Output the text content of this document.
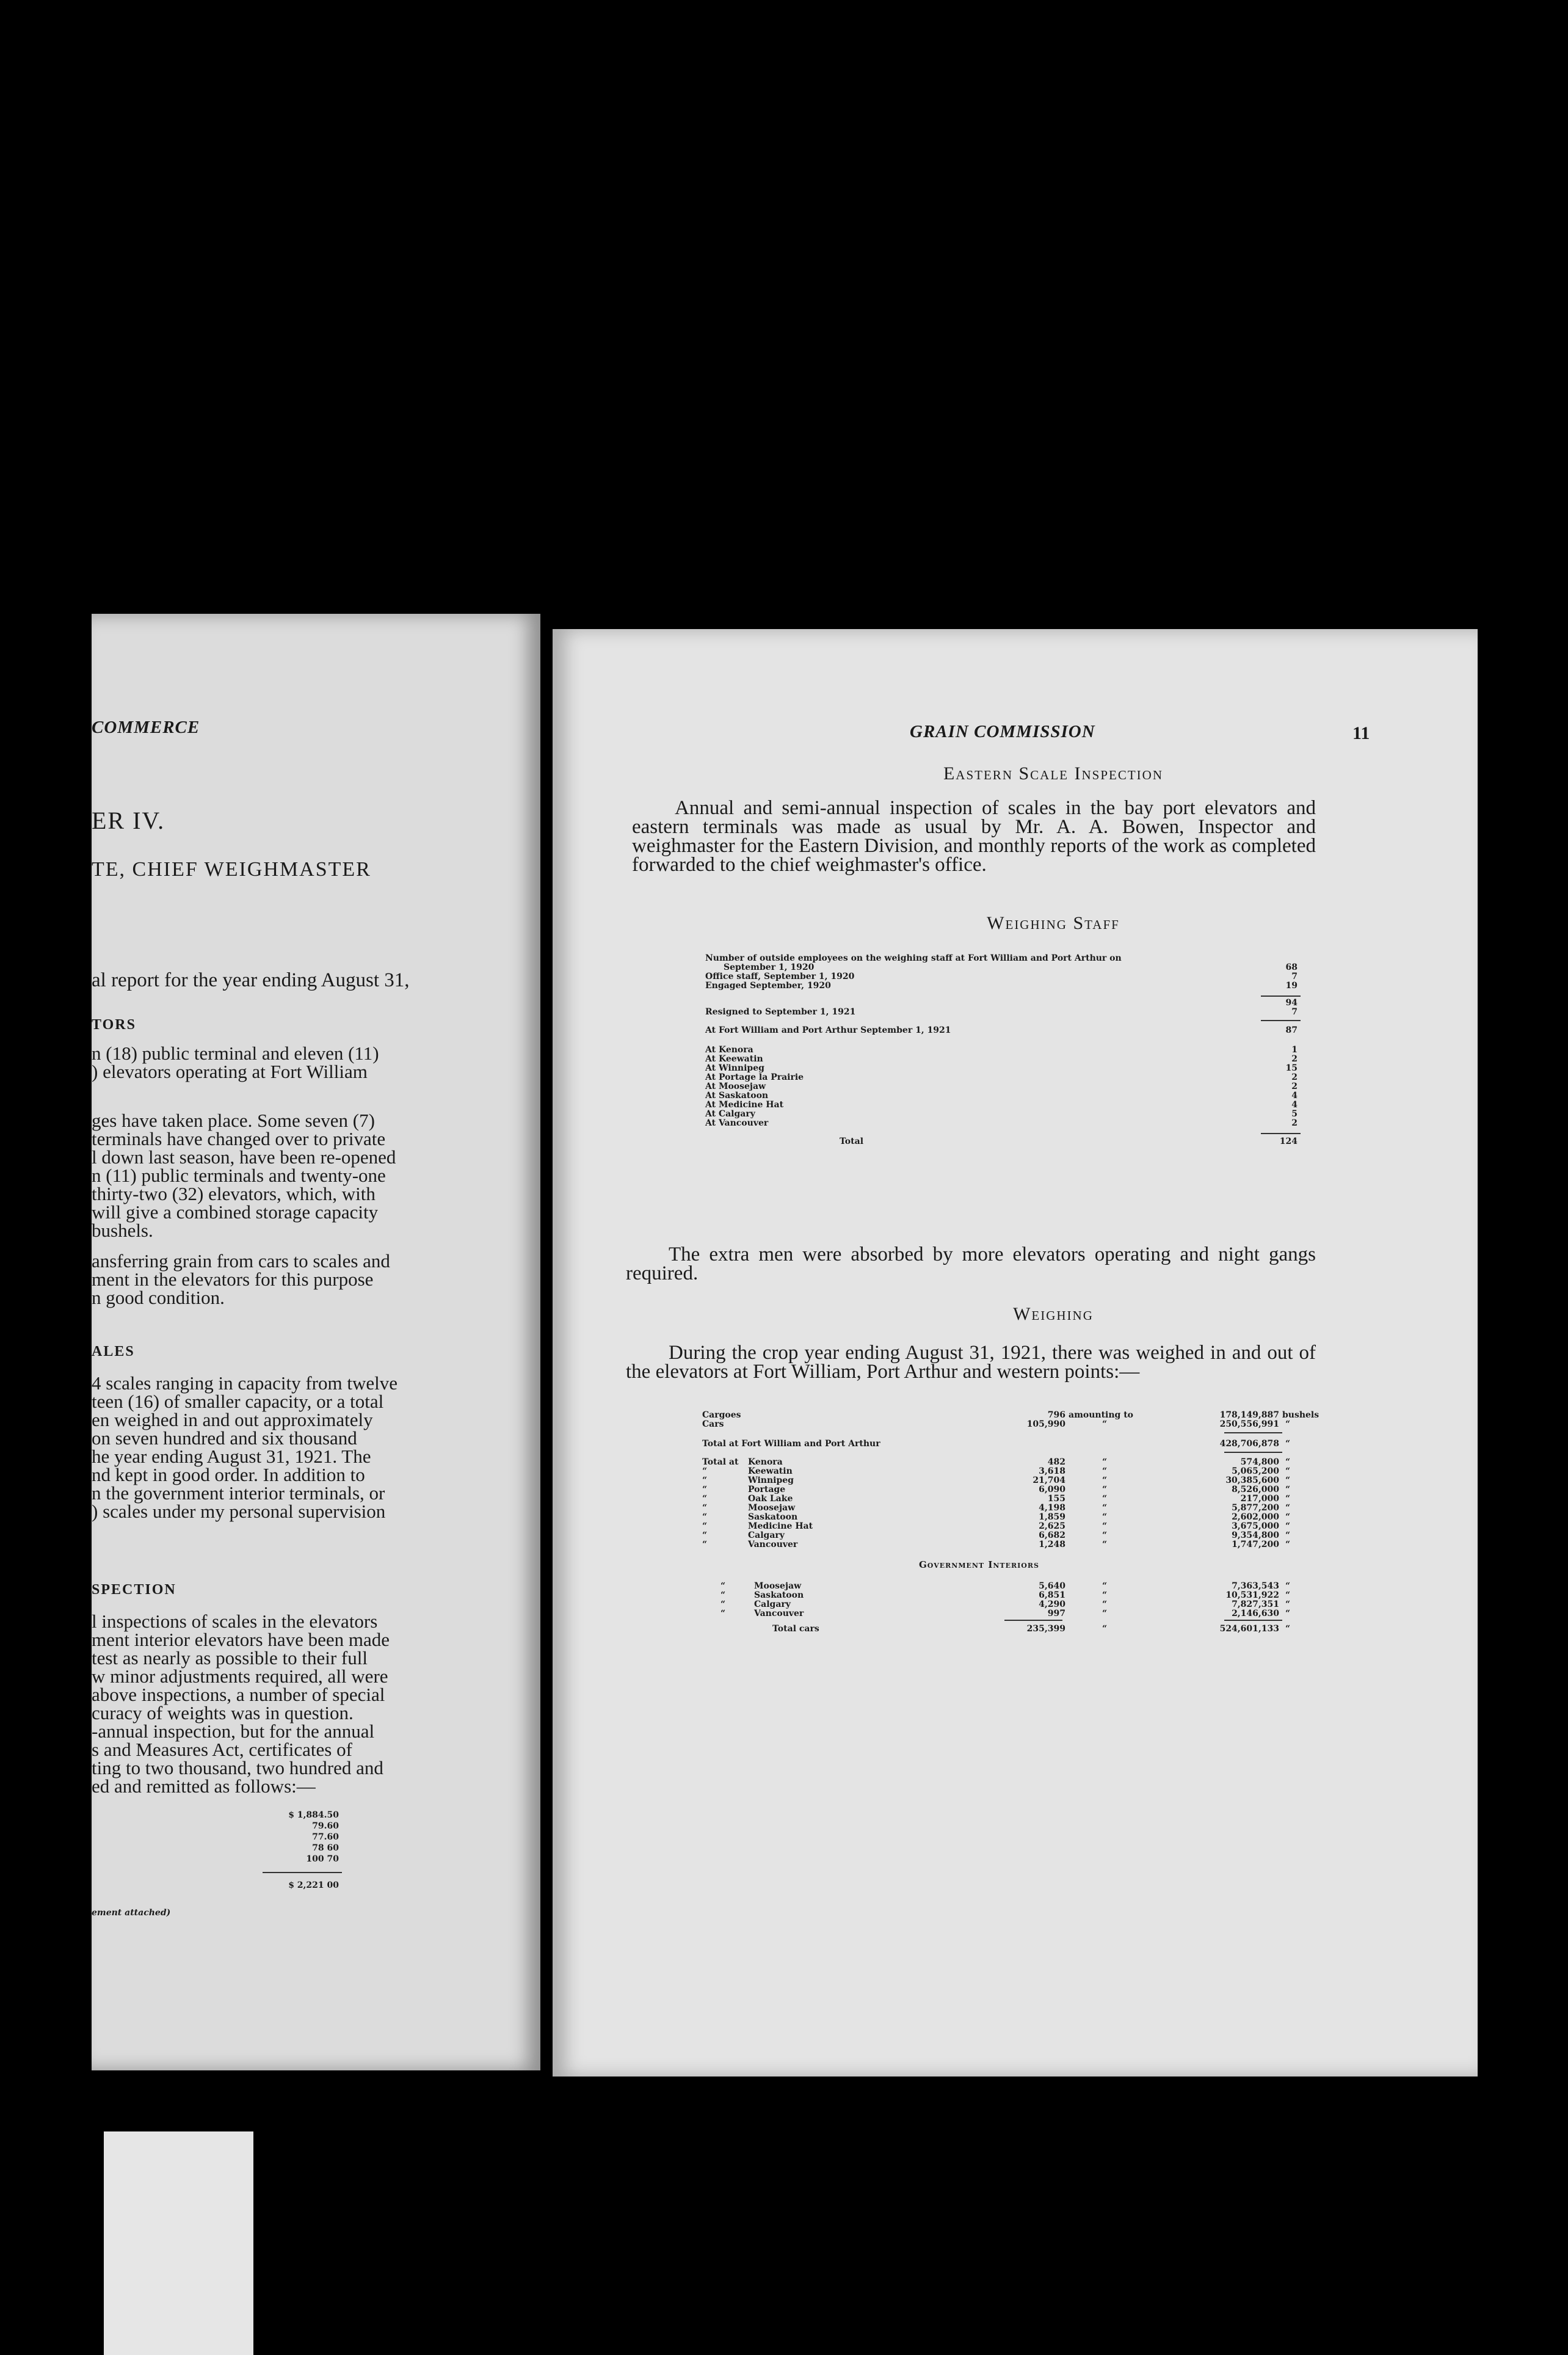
COMMERCE
ER IV.
TE, CHIEF WEIGHMASTER
al report for the year ending August 31,
TORS
n (18) public terminal and eleven (11)
) elevators operating at Fort William
ges have taken place. Some seven (7)
terminals have changed over to private
l down last season, have been re-opened
n (11) public terminals and twenty-one
thirty-two (32) elevators, which, with
will give a combined storage capacity
bushels.
ansferring grain from cars to scales and
ment in the elevators for this purpose
n good condition.
ALES
4 scales ranging in capacity from twelve
teen (16) of smaller capacity, or a total
en weighed in and out approximately
on seven hundred and six thousand
he year ending August 31, 1921. The
nd kept in good order. In addition to
n the government interior terminals, or
) scales under my personal supervision
SPECTION
l inspections of scales in the elevators
ment interior elevators have been made
test as nearly as possible to their full
w minor adjustments required, all were
above inspections, a number of special
curacy of weights was in question.
-annual inspection, but for the annual
s and Measures Act, certificates of
ting to two thousand, two hundred and
ed and remitted as follows:—
$ 1,884.50
79.60
77.60
78 60
100 70
$ 2,221 00
ement attached)
GRAIN COMMISSION	11
Eastern Scale Inspection
Annual and semi-annual inspection of scales in the bay port elevators and eastern terminals was made as usual by Mr. A. A. Bowen, Inspector and weighmaster for the Eastern Division, and monthly reports of the work as completed forwarded to the chief weighmaster's office.
Weighing Staff
Number of outside employees on the weighing staff at Fort William and Port Arthur on
September 1, 1920	68
Office staff, September 1, 1920	7
Engaged September, 1920	19
94
Resigned to September 1, 1921	7
At Fort William and Port Arthur September 1, 1921	87
At Kenora	1
At Keewatin	2
At Winnipeg	15
At Portage la Prairie	2
At Moosejaw	2
At Saskatoon	4
At Medicine Hat	4
At Calgary	5
At Vancouver	2
Total	124
The extra men were absorbed by more elevators operating and night gangs required.
Weighing
During the crop year ending August 31, 1921, there was weighed in and out of the elevators at Fort William, Port Arthur and western points:—
Cargoes	796 amounting to	178,149,887 bushels
Cars	105,990	“	250,556,991 “
Total at Fort William and Port Arthur	428,706,878 “
Total at Kenora	482	“	574,800 “
“	Keewatin	3,618	“	5,065,200 “
“	Winnipeg	21,704	“	30,385,600 “
“	Portage	6,090	“	8,526,000 “
“	Oak Lake	155	“	217,000 “
“	Moosejaw	4,198	“	5,877,200 “
“	Saskatoon	1,859	“	2,602,000 “
“	Medicine Hat	2,625	“	3,675,000 “
“	Calgary	6,682	“	9,354,800 “
“	Vancouver	1,248	“	1,747,200 “
Government Interiors
“	Moosejaw	5,640	“	7,363,543 “
“	Saskatoon	6,851	“	10,531,922 “
“	Calgary	4,290	“	7,827,351 “
“	Vancouver	997	“	2,146,630 “
Total cars	235,399	“	524,601,133 “
